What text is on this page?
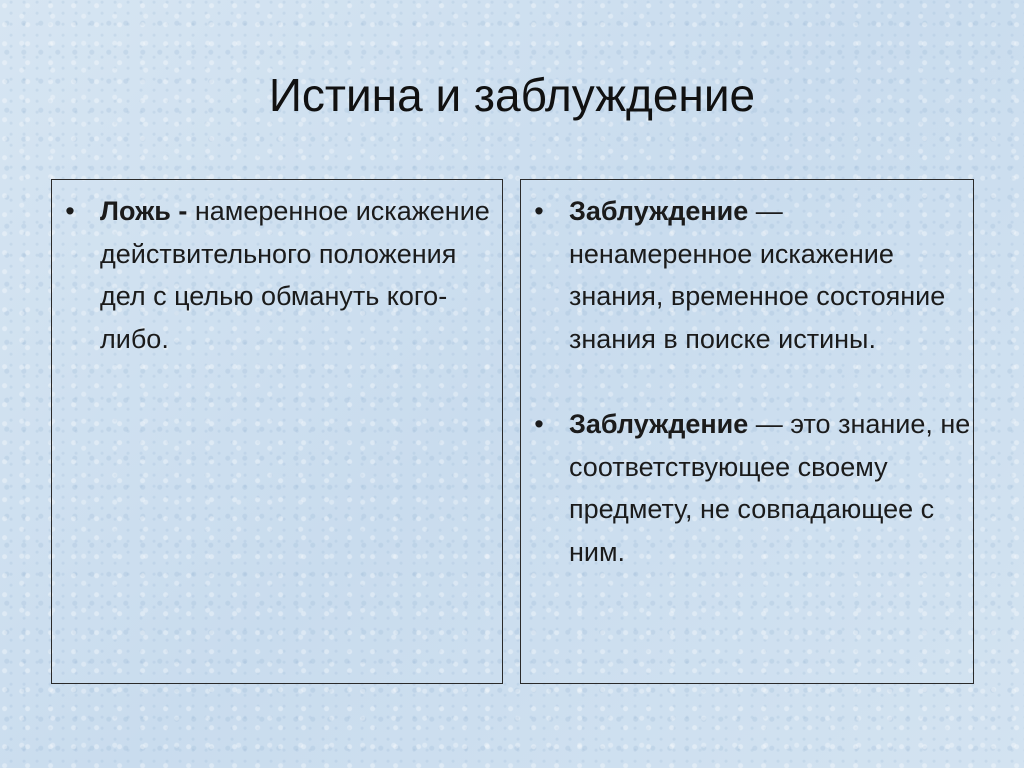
Истина и заблуждение
• Ложь - намеренное искажение действительного положения дел с целью обмануть кого-либо.
• Заблуждение — ненамеренное искажение знания, временное состояние знания в поиске истины.
• Заблуждение — это знание, не соответствующее своему предмету, не совпадающее с ним.
